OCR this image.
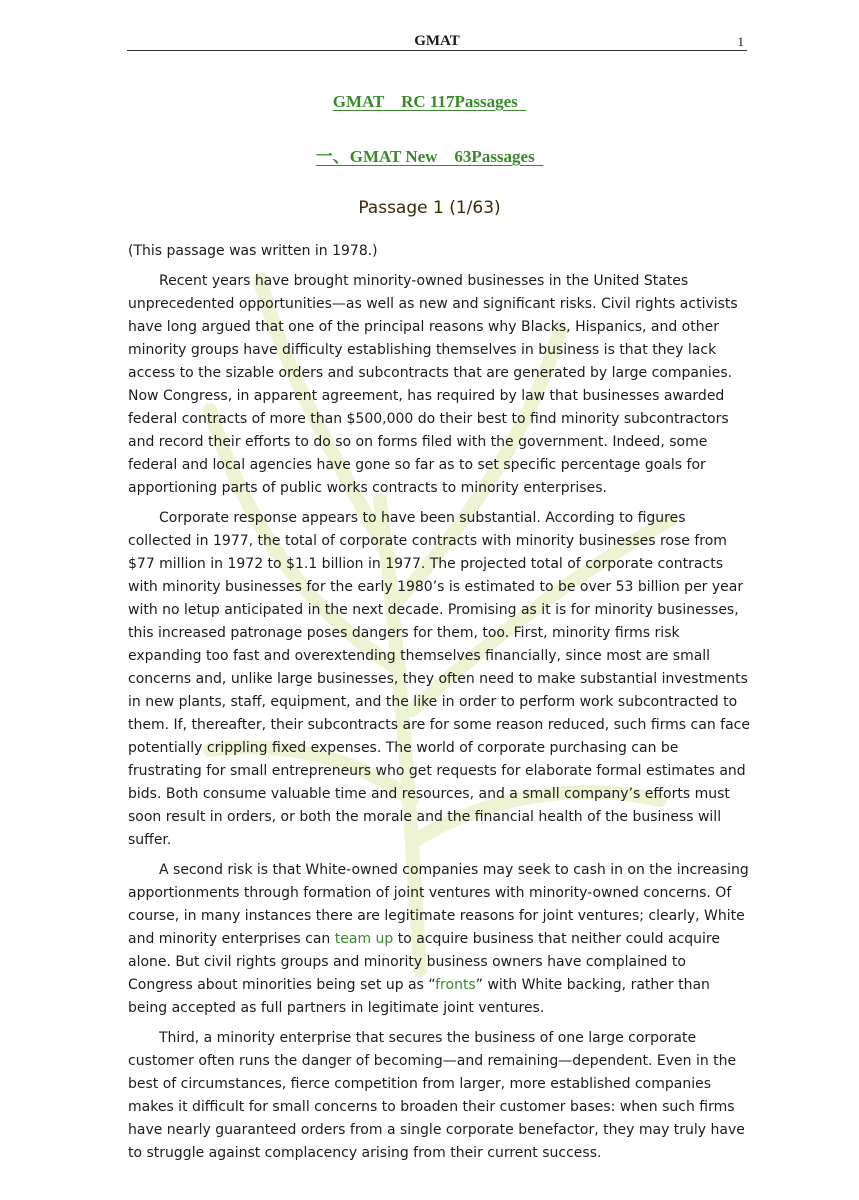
GMAT	1
GMAT    RC 117Passages
一、GMAT New    63Passages
Passage 1 (1/63)

(This passage was written in 1978.)

Recent years have brought minority-owned businesses in the United States unprecedented opportunities—as well as new and significant risks. Civil rights activists have long argued that one of the principal reasons why Blacks, Hispanics, and other minority groups have difficulty establishing themselves in business is that they lack access to the sizable orders and subcontracts that are generated by large companies. Now Congress, in apparent agreement, has required by law that businesses awarded federal contracts of more than $500,000 do their best to find minority subcontractors and record their efforts to do so on forms filed with the government. Indeed, some federal and local agencies have gone so far as to set specific percentage goals for apportioning parts of public works contracts to minority enterprises.

Corporate response appears to have been substantial. According to figures collected in 1977, the total of corporate contracts with minority businesses rose from $77 million in 1972 to $1.1 billion in 1977. The projected total of corporate contracts with minority businesses for the early 1980’s is estimated to be over 53 billion per year with no letup anticipated in the next decade. Promising as it is for minority businesses, this increased patronage poses dangers for them, too. First, minority firms risk expanding too fast and overextending themselves financially, since most are small concerns and, unlike large businesses, they often need to make substantial investments in new plants, staff, equipment, and the like in order to perform work subcontracted to them. If, thereafter, their subcontracts are for some reason reduced, such firms can face potentially crippling fixed expenses. The world of corporate purchasing can be frustrating for small entrepreneurs who get requests for elaborate formal estimates and bids. Both consume valuable time and resources, and a small company’s efforts must soon result in orders, or both the morale and the financial health of the business will suffer.

A second risk is that White-owned companies may seek to cash in on the increasing apportionments through formation of joint ventures with minority-owned concerns. Of course, in many instances there are legitimate reasons for joint ventures; clearly, White and minority enterprises can team up to acquire business that neither could acquire alone. But civil rights groups and minority business owners have complained to Congress about minorities being set up as “fronts” with White backing, rather than being accepted as full partners in legitimate joint ventures.

Third, a minority enterprise that secures the business of one large corporate customer often runs the danger of becoming—and remaining—dependent. Even in the best of circumstances, fierce competition from larger, more established companies makes it difficult for small concerns to broaden their customer bases: when such firms have nearly guaranteed orders from a single corporate benefactor, they may truly have to struggle against complacency arising from their current success.
